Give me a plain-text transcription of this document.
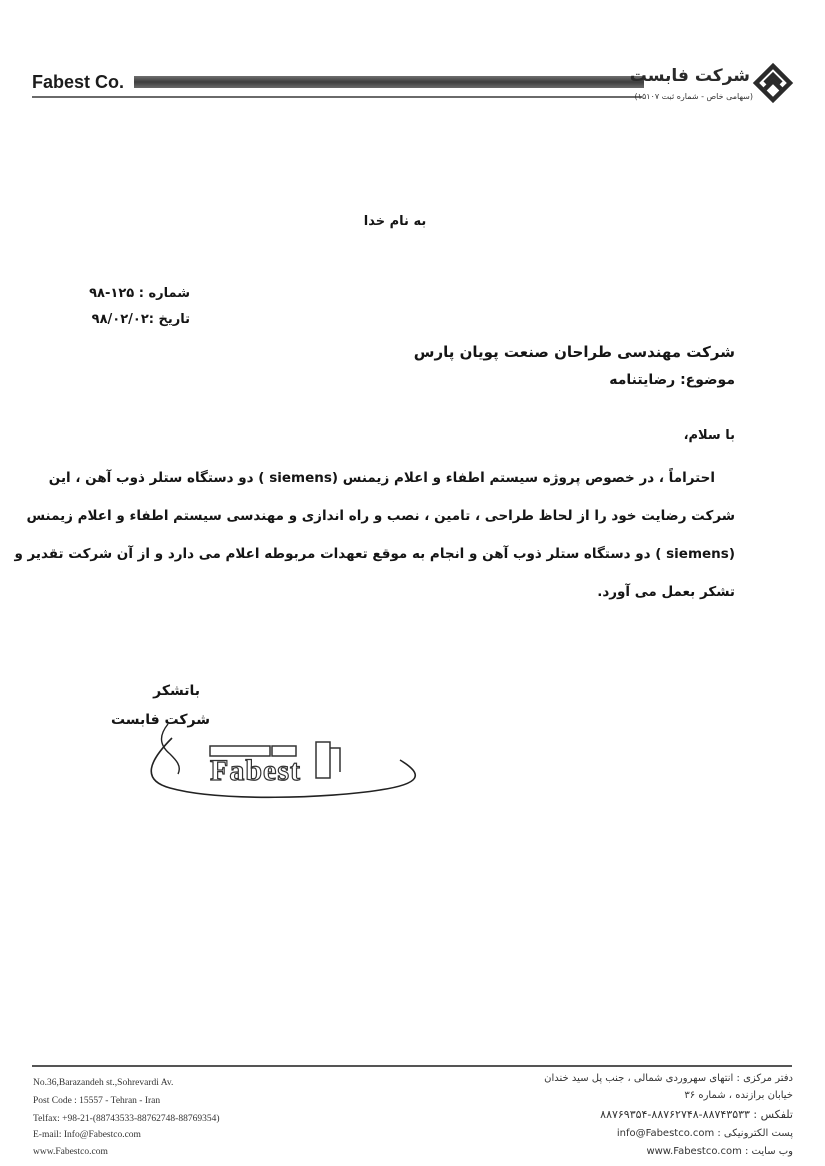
Fabest Co.	شرکت فابست
(سهامی خاص - شماره ثبت ۱۵۱۰۷)
به نام خدا
شماره : ۱۲۵-۹۸
تاریخ :۹۸/۰۲/۰۲
شرکت مهندسی طراحان صنعت پویان پارس
موضوع: رضایتنامه
با سلام،
احتراماً ، در خصوص پروژه سیستم اطفاء و اعلام زیمنس (siemens ) دو دستگاه ستلر ذوب آهن ، این
شرکت رضایت خود را از لحاظ طراحی ، تامین ، نصب و راه اندازی و مهندسی سیستم اطفاء و اعلام زیمنس
(siemens ) دو دستگاه ستلر ذوب آهن و انجام به موقع تعهدات مربوطه اعلام می دارد و از آن شرکت تقدیر و
تشکر بعمل می آورد.
باتشکر
شرکت فابست
Fabest
No.36,Barazandeh st.,Sohrevardi Av.
Post Code : 15557 - Tehran - Iran
Telfax: +98-21-(88743533-88762748-88769354)
E-mail: Info@Fabestco.com
www.Fabestco.com
دفتر مرکزی : انتهای سهروردی شمالی ، جنب پل سید خندان
خیابان برازنده ، شماره ۳۶
تلفکس : ۸۸۷۴۳۵۳۳-۸۸۷۶۲۷۴۸-۸۸۷۶۹۳۵۴
پست الکترونیکی : info@Fabestco.com
وب سایت : www.Fabestco.com
